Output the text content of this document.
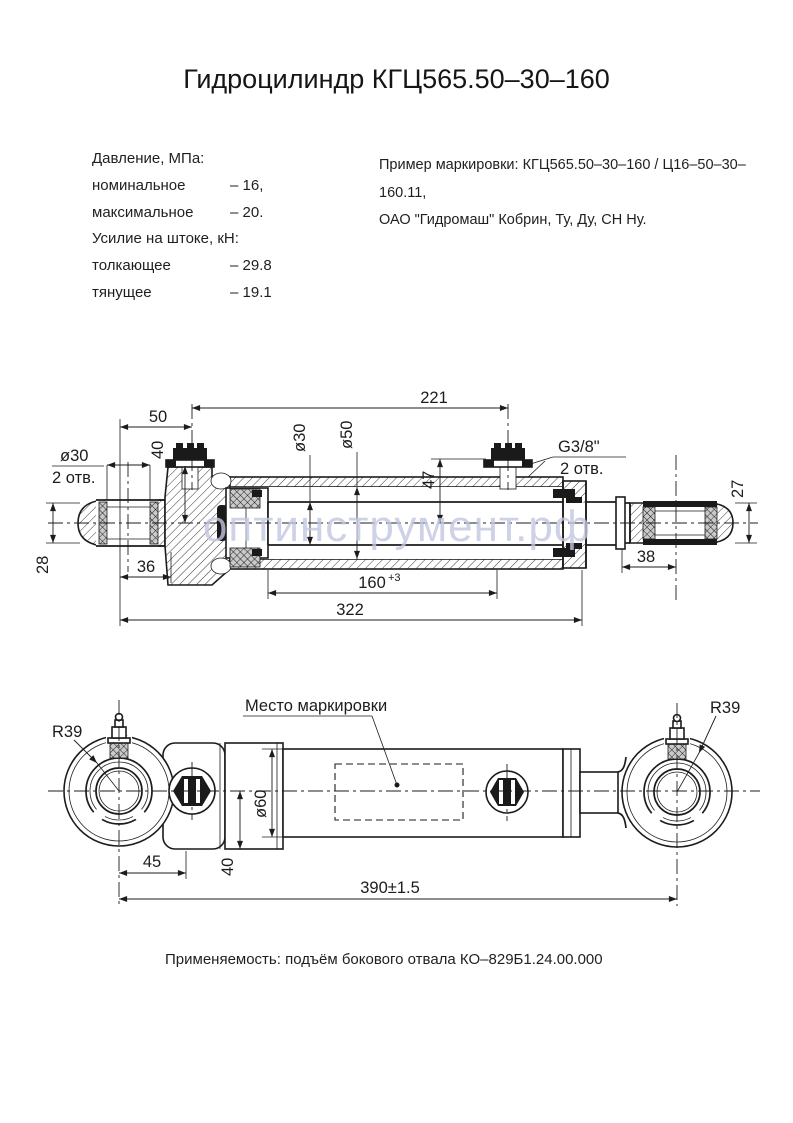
Гидроцилиндр КГЦ565.50–30–160
Давление, МПа:
номинальное	– 16,
максимальное – 20.
Усилие на штоке, кН:
толкающее	– 29.8
тянущее	– 19.1
Пример маркировки: КГЦ565.50–30–160 / Ц16–50–30–160.11,
ОАО "Гидромаш" Кобрин, Ту, Ду, СН Ну.
Применяемость: подъём бокового отвала КО–829Б1.24.00.000
221
50
40
ø30
2 отв.
28	36
ø30 ø50
47
G3/8"
2 отв.
27
38
160 +3
322
Место маркировки
R39
R39
45	40
ø60
390±1.5
оптинструмент.рф
